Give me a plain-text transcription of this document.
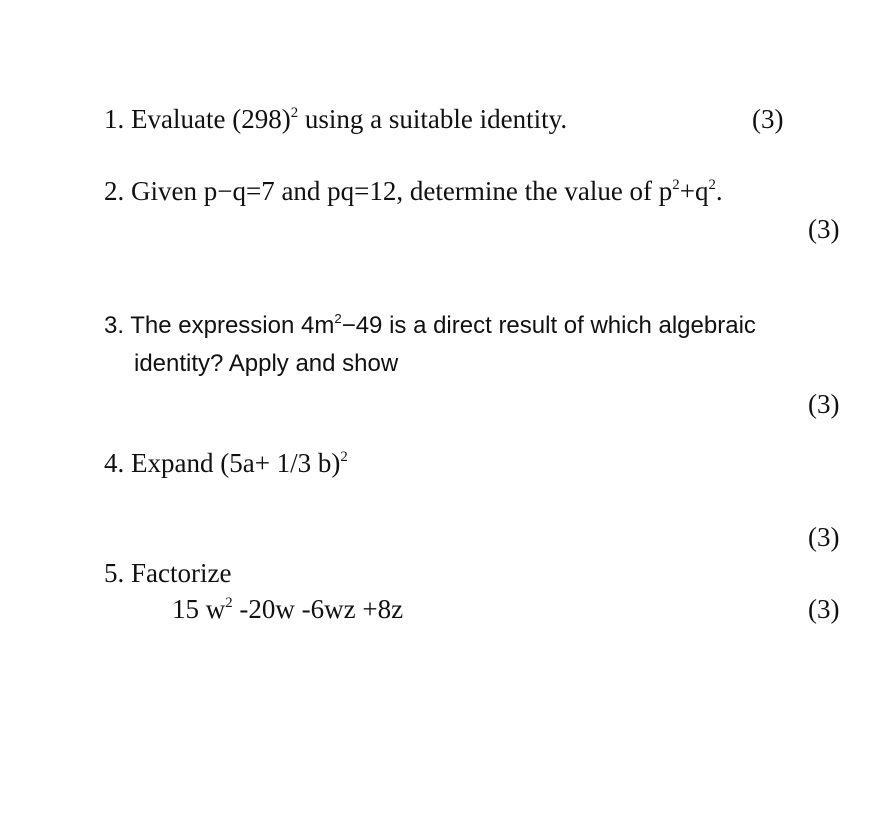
1. Evaluate $(298)^2$ using a suitable identity.	(3)
2. Given p−q=7 and pq=12, determine the value of $p^2+q^2$.
(3)
3. The expression $4m^2-49$ is a direct result of which algebraic
identity? Apply and show
(3)
4. Expand (5a+ 1/3 b)$^2$
(3)
5. Factorize
15 $w^2$ -20w -6wz +8z	(3)
